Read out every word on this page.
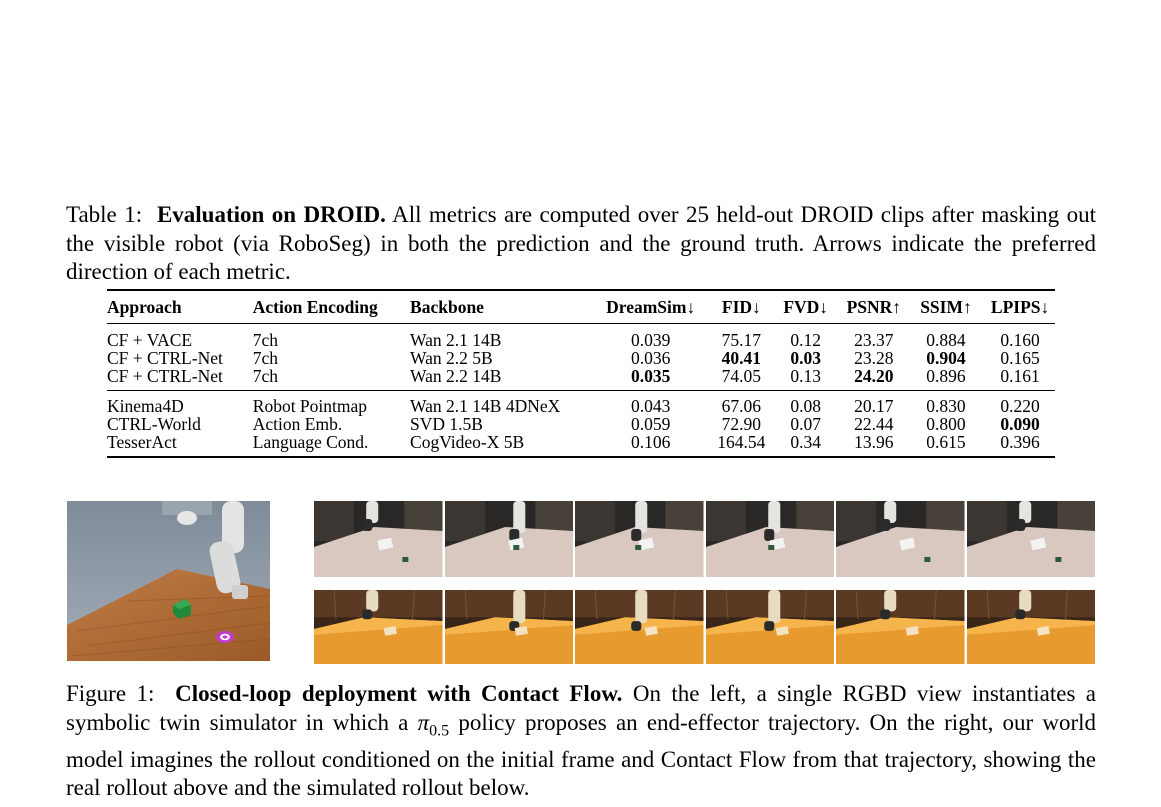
Table 1: Evaluation on DROID. All metrics are computed over 25 held-out DROID clips after masking out the visible robot (via RoboSeg) in both the prediction and the ground truth. Arrows indicate the preferred direction of each metric.
Approach	Action Encoding	Backbone	DreamSim↓	FID↓	FVD↓	PSNR↑	SSIM↑	LPIPS↓
CF + VACE	7ch	Wan 2.1 14B	0.039	75.17	0.12	23.37	0.884	0.160
CF + CTRL-Net	7ch	Wan 2.2 5B	0.036	40.41	0.03	23.28	0.904	0.165
CF + CTRL-Net	7ch	Wan 2.2 14B	0.035	74.05	0.13	24.20	0.896	0.161
Kinema4D	Robot Pointmap	Wan 2.1 14B 4DNeX	0.043	67.06	0.08	20.17	0.830	0.220
CTRL-World	Action Emb.	SVD 1.5B	0.059	72.90	0.07	22.44	0.800	0.090
TesserAct	Language Cond.	CogVideo-X 5B	0.106	164.54	0.34	13.96	0.615	0.396
Figure 1: Closed-loop deployment with Contact Flow. On the left, a single RGBD view instantiates a symbolic twin simulator in which a $\pi_{0.5}$ policy proposes an end-effector trajectory. On the right, our world model imagines the rollout conditioned on the initial frame and Contact Flow from that trajectory, showing the real rollout above and the simulated rollout below.
